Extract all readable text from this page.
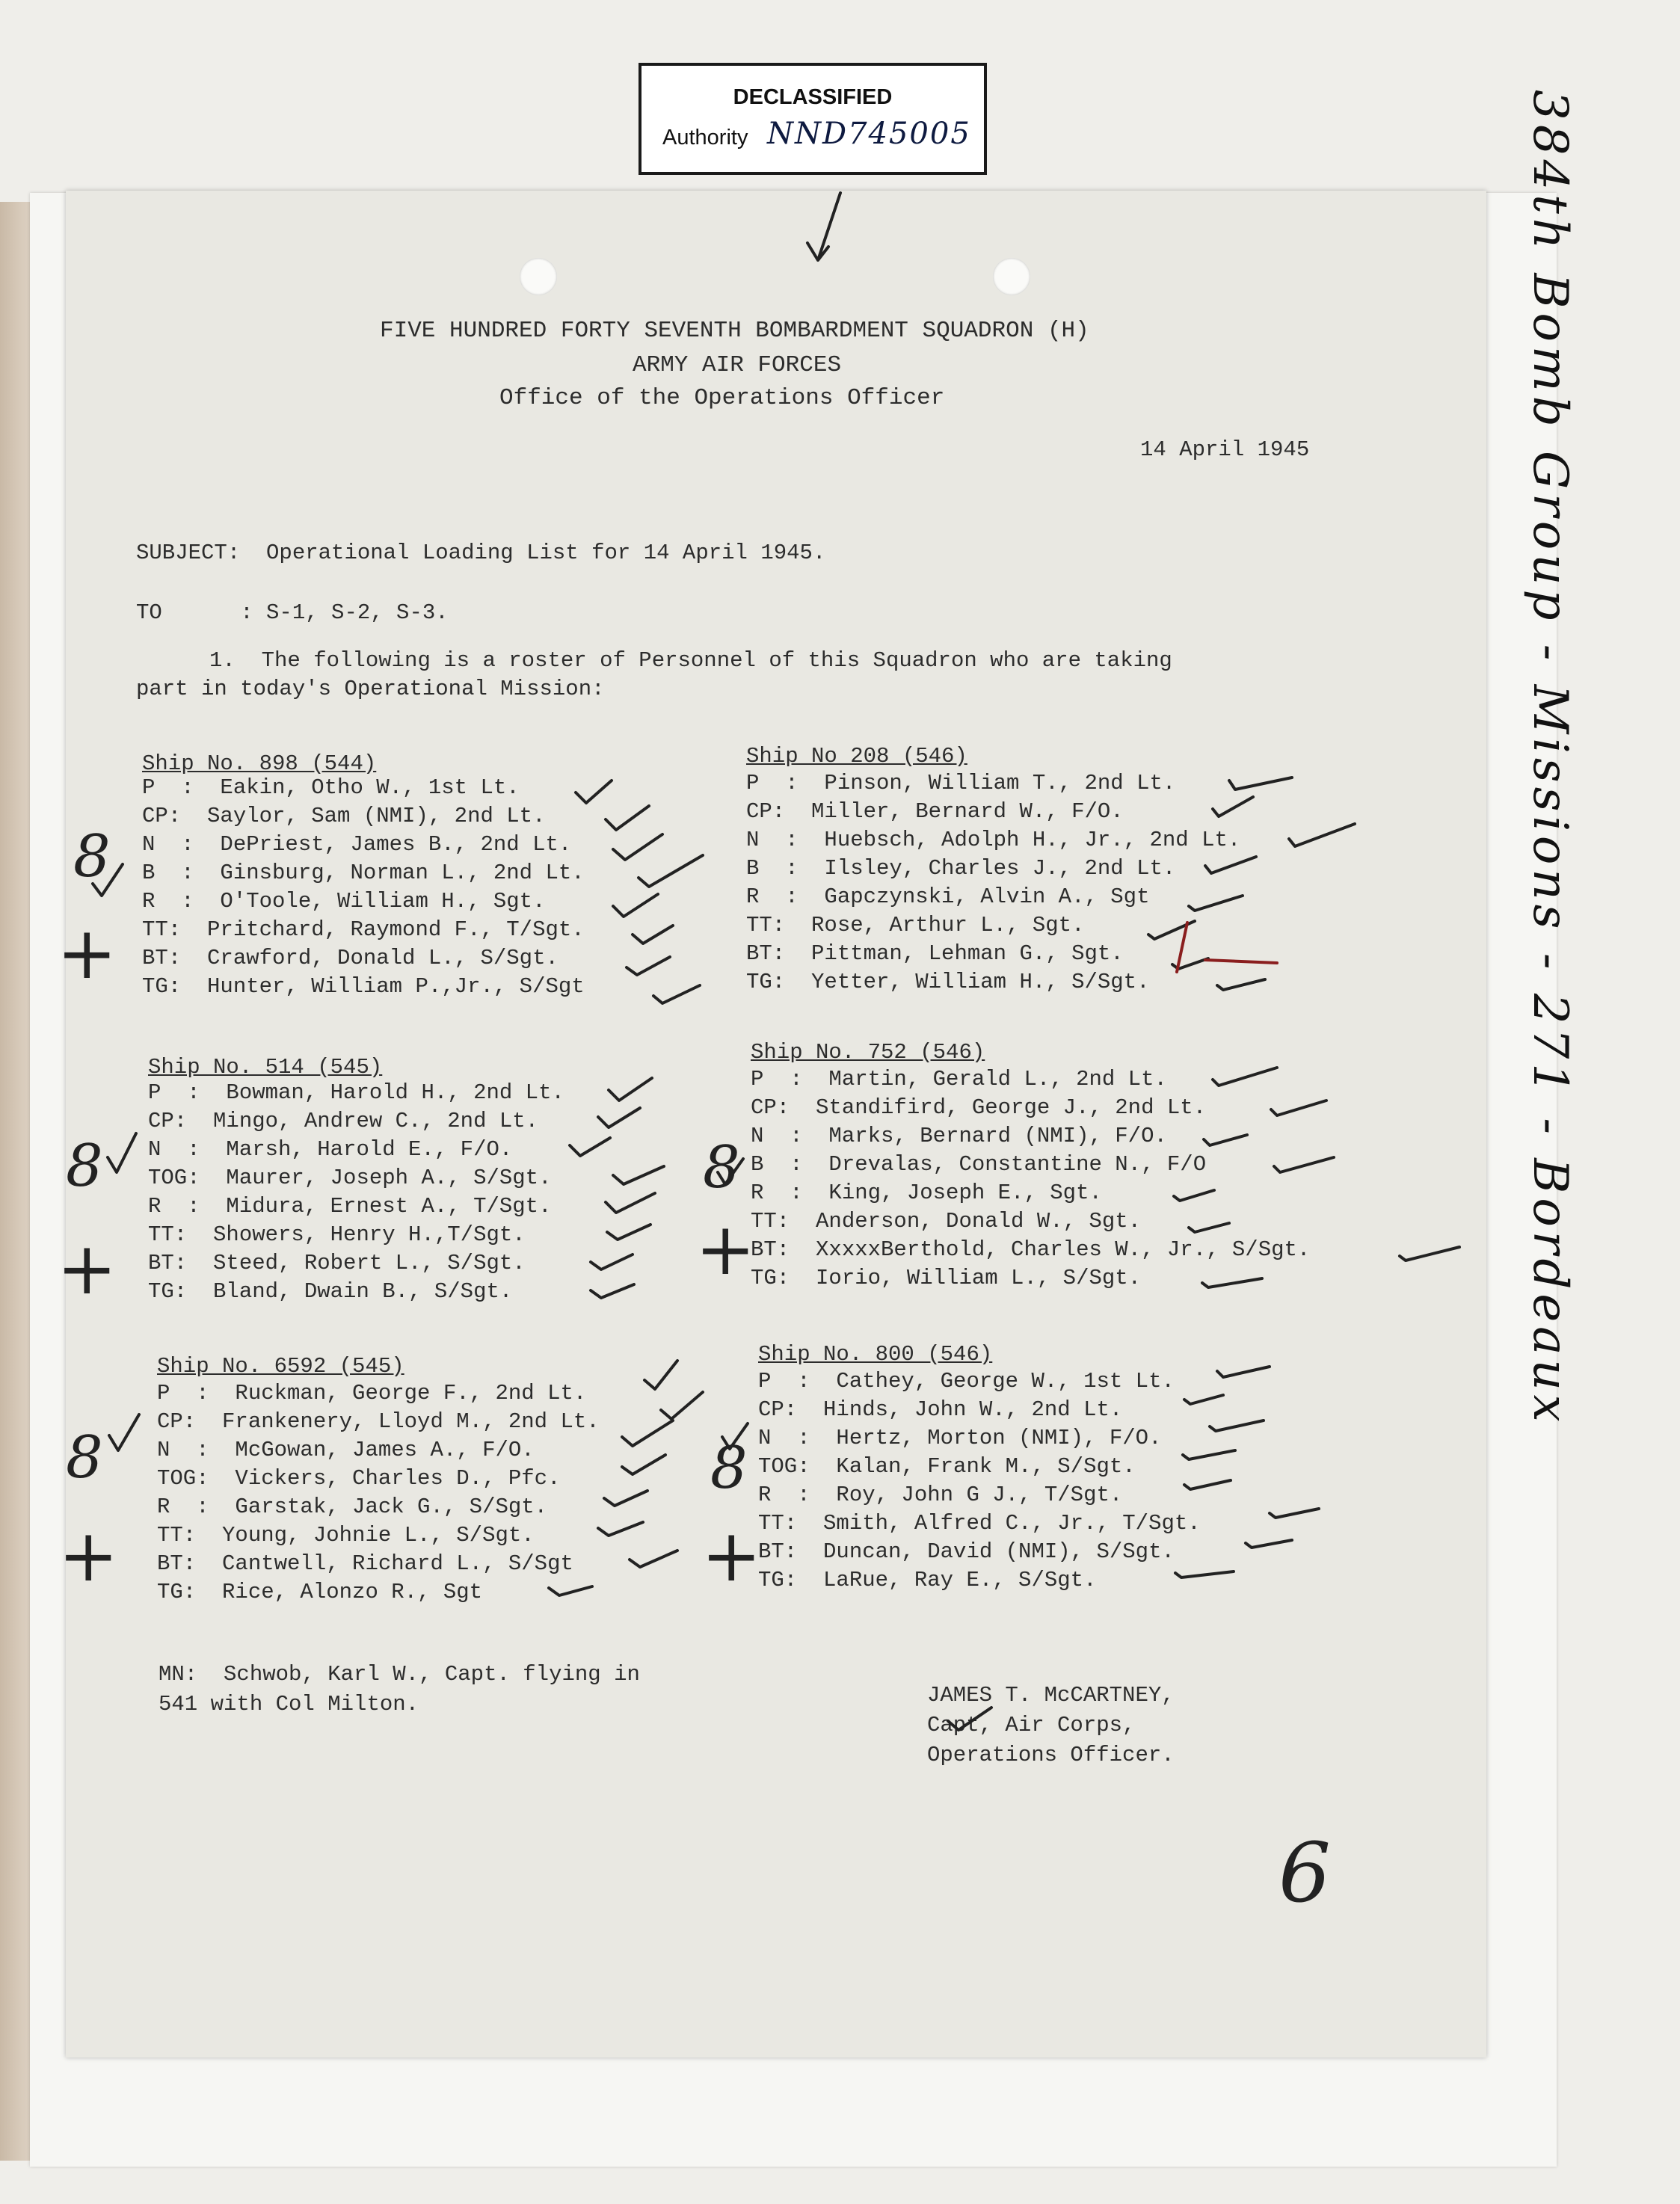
DECLASSIFIED
Authority NND745005	384th Bomb Group - Missions - 271 - Bordeaux
FIVE HUNDRED FORTY SEVENTH BOMBARDMENT SQUADRON (H)
ARMY AIR FORCES
Office of the Operations Officer
14 April 1945
SUBJECT:  Operational Loading List for 14 April 1945.
TO      : S-1, S-2, S-3.
1.  The following is a roster of Personnel of this Squadron who are taking
part in today's Operational Mission:
Ship No. 898 (544)
P  :  Eakin, Otho W., 1st Lt.
CP:  Saylor, Sam (NMI), 2nd Lt.
N  :  DePriest, James B., 2nd Lt.
B  :  Ginsburg, Norman L., 2nd Lt.
R  :  O'Toole, William H., Sgt.
TT:  Pritchard, Raymond F., T/Sgt.
BT:  Crawford, Donald L., S/Sgt.
TG:  Hunter, William P.,Jr., S/Sgt
Ship No. 514 (545)
P  :  Bowman, Harold H., 2nd Lt.
CP:  Mingo, Andrew C., 2nd Lt.
N  :  Marsh, Harold E., F/O.
TOG:  Maurer, Joseph A., S/Sgt.
R  :  Midura, Ernest A., T/Sgt.
TT:  Showers, Henry H.,T/Sgt.
BT:  Steed, Robert L., S/Sgt.
TG:  Bland, Dwain B., S/Sgt.
Ship No. 6592 (545)
P  :  Ruckman, George F., 2nd Lt.
CP:  Frankenery, Lloyd M., 2nd Lt.
N  :  McGowan, James A., F/O.
TOG:  Vickers, Charles D., Pfc.
R  :  Garstak, Jack G., S/Sgt.
TT:  Young, Johnie L., S/Sgt.
BT:  Cantwell, Richard L., S/Sgt
TG:  Rice, Alonzo R., Sgt
Ship No 208 (546)
P  :  Pinson, William T., 2nd Lt.
CP:  Miller, Bernard W., F/O.
N  :  Huebsch, Adolph H., Jr., 2nd Lt.
B  :  Ilsley, Charles J., 2nd Lt.
R  :  Gapczynski, Alvin A., Sgt
TT:  Rose, Arthur L., Sgt.
BT:  Pittman, Lehman G., Sgt.
TG:  Yetter, William H., S/Sgt.
Ship No. 752 (546)
P  :  Martin, Gerald L., 2nd Lt.
CP:  Standifird, George J., 2nd Lt.
N  :  Marks, Bernard (NMI), F/O.
B  :  Drevalas, Constantine N., F/O
R  :  King, Joseph E., Sgt.
TT:  Anderson, Donald W., Sgt.
BT:  XxxxxBerthold, Charles W., Jr., S/Sgt.
TG:  Iorio, William L., S/Sgt.
Ship No. 800 (546)
P  :  Cathey, George W., 1st Lt.
CP:  Hinds, John W., 2nd Lt.
N  :  Hertz, Morton (NMI), F/O.
TOG:  Kalan, Frank M., S/Sgt.
R  :  Roy, John G J., T/Sgt.
TT:  Smith, Alfred C., Jr., T/Sgt.
BT:  Duncan, David (NMI), S/Sgt.
TG:  LaRue, Ray E., S/Sgt.
MN:  Schwob, Karl W., Capt. flying in
541 with Col Milton.	JAMES T. McCARTNEY,
Capt, Air Corps,
Operations Officer.
6
8
+
8
+
8
+
8
+
8
+
